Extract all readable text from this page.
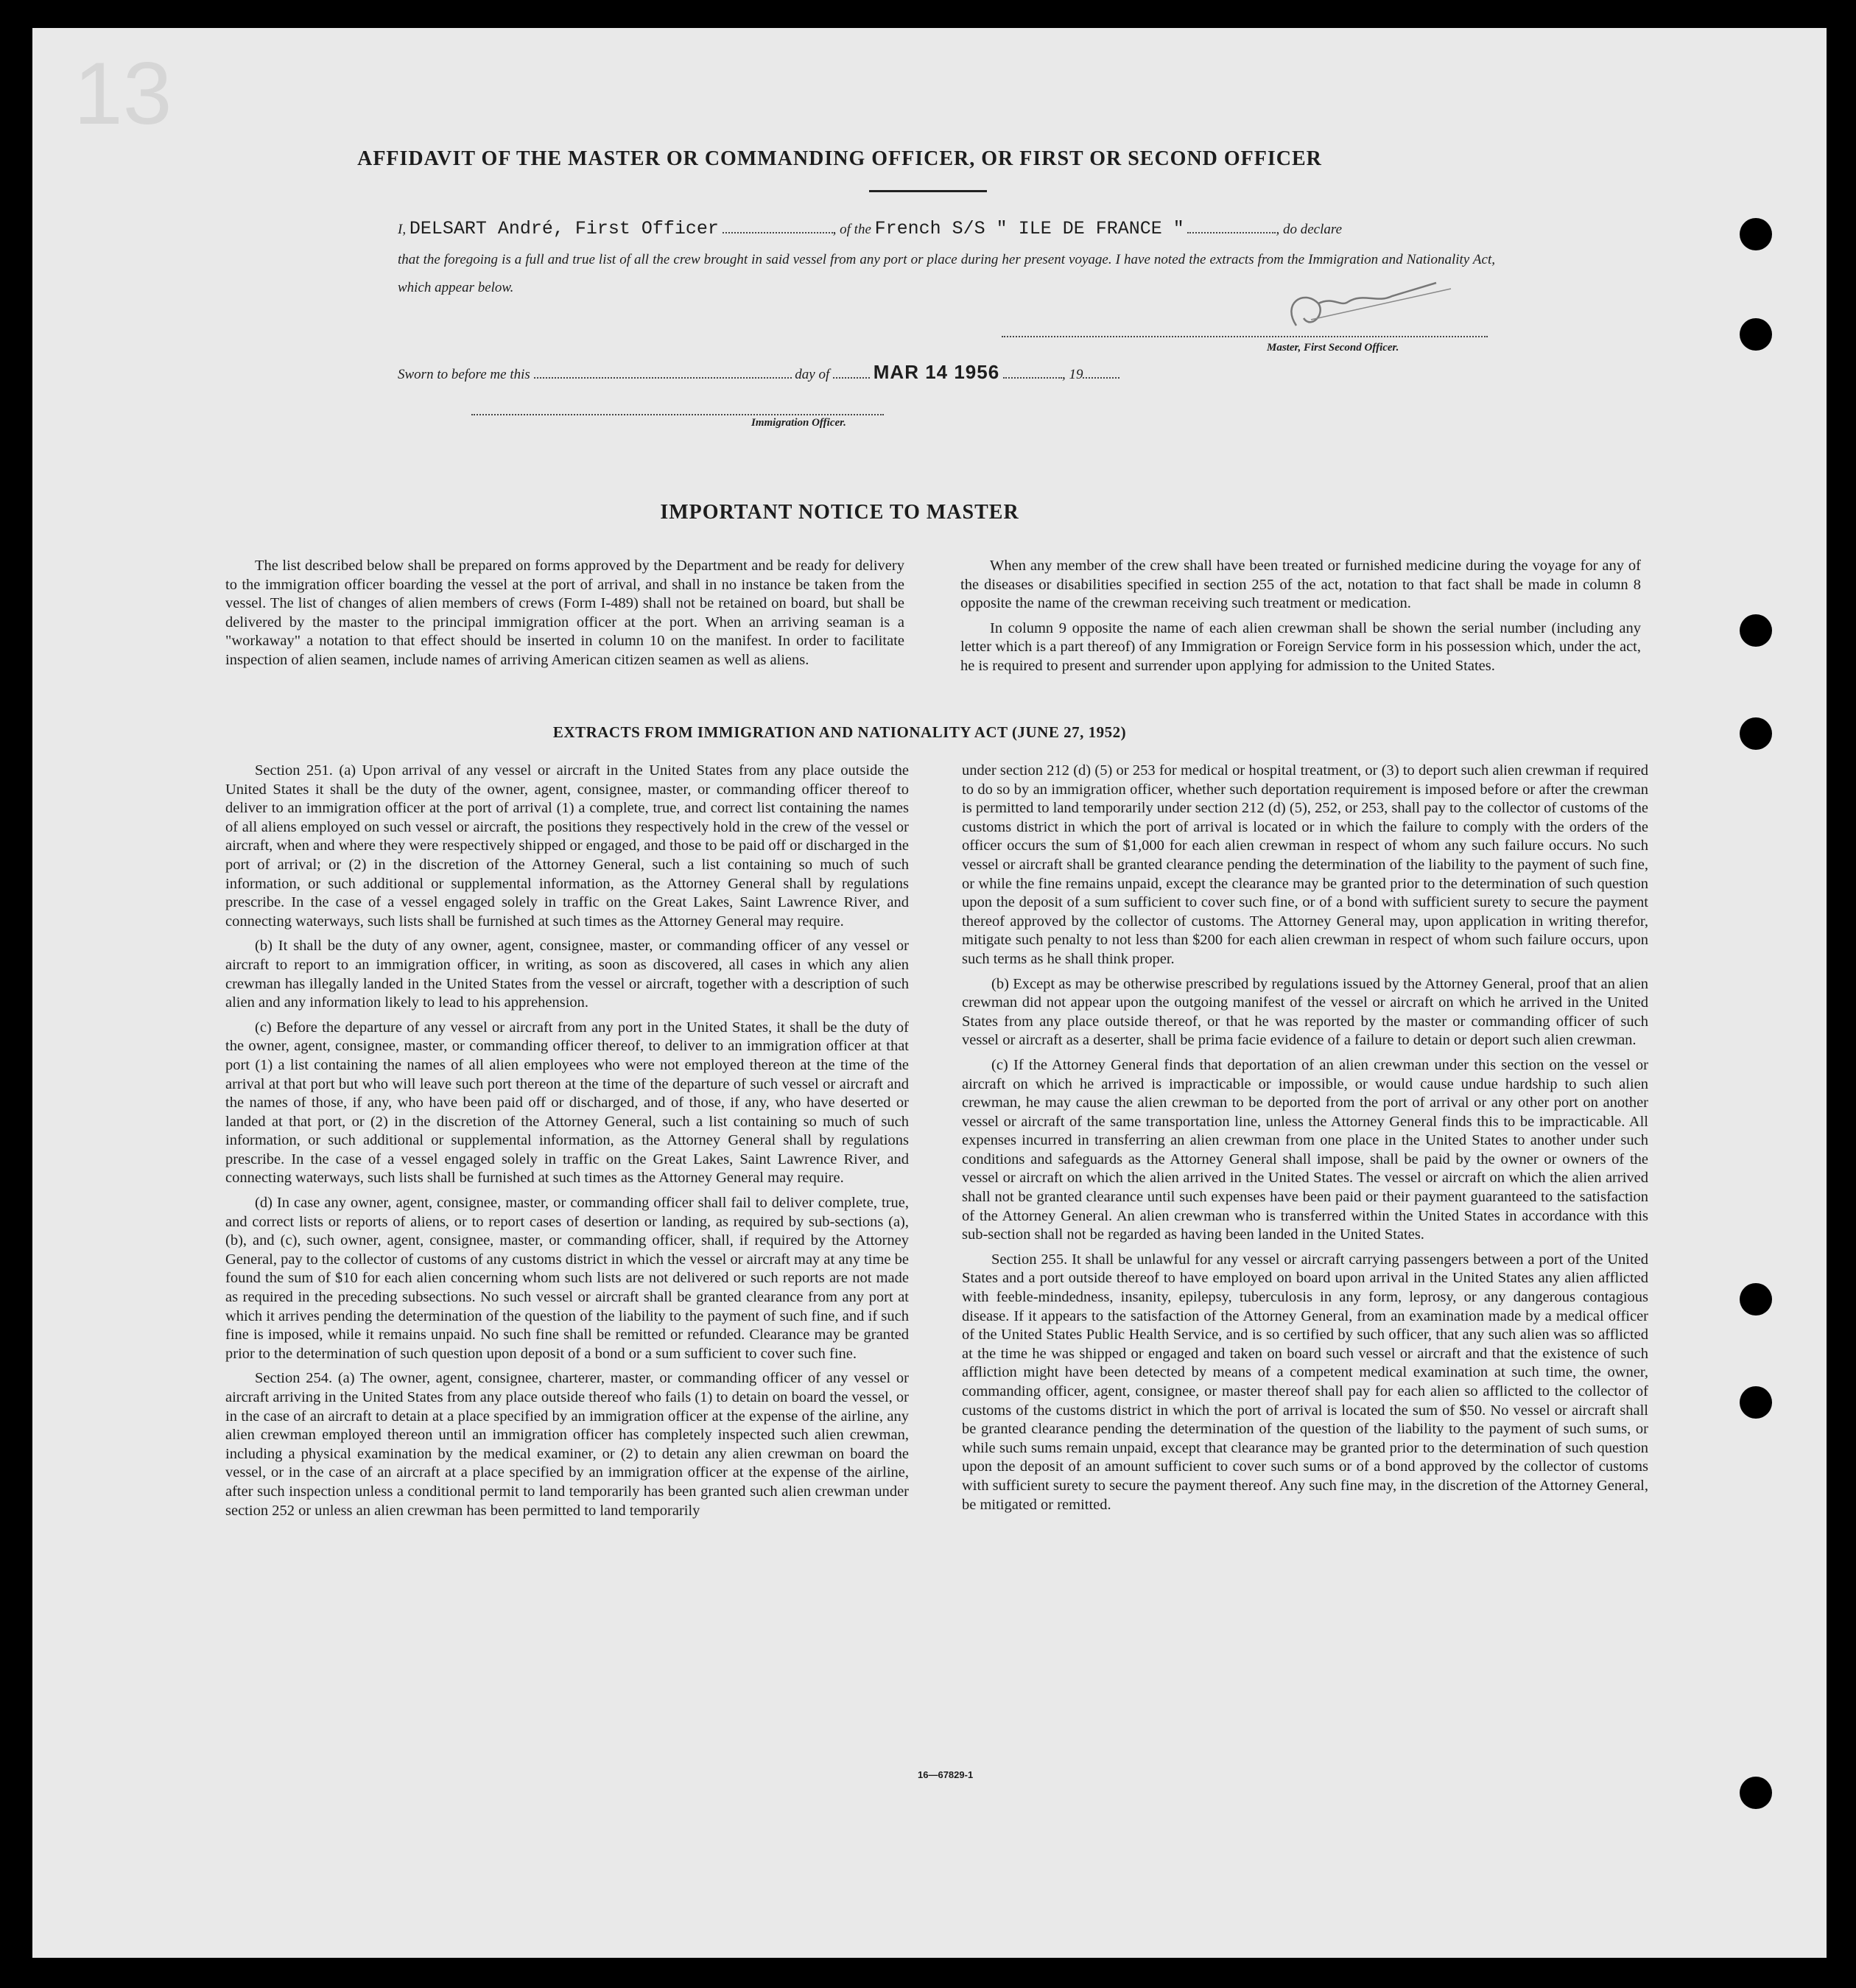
13
AFFIDAVIT OF THE MASTER OR COMMANDING OFFICER, OR FIRST OR SECOND OFFICER
I, DELSART André, First Officer	, of the French S/S " ILE DE FRANCE "	, do declare
that the foregoing is a full and true list of all the crew brought in said vessel from any port or place during her present voyage. I have noted the extracts from the Immigration and Nationality Act, which appear below.
Master, First Second Officer.
Sworn to before me this	day of MAR 14 1956	, 19
Immigration Officer.
IMPORTANT NOTICE TO MASTER

The list described below shall be prepared on forms approved by the Department and be ready for delivery to the immigration officer boarding the vessel at the port of arrival, and shall in no instance be taken from the vessel. The list of changes of alien members of crews (Form I-489) shall not be retained on board, but shall be delivered by the master to the principal immigration officer at the port. When an arriving seaman is a "workaway" a notation to that effect should be inserted in column 10 on the manifest. In order to facilitate inspection of alien seamen, include names of arriving American citizen seamen as well as aliens.

When any member of the crew shall have been treated or furnished medicine during the voyage for any of the diseases or disabilities specified in section 255 of the act, notation to that fact shall be made in column 8 opposite the name of the crewman receiving such treatment or medication.

In column 9 opposite the name of each alien crewman shall be shown the serial number (including any letter which is a part thereof) of any Immigration or Foreign Service form in his possession which, under the act, he is required to present and surrender upon applying for admission to the United States.

EXTRACTS FROM IMMIGRATION AND NATIONALITY ACT (JUNE 27, 1952)

Section 251. (a) Upon arrival of any vessel or aircraft in the United States from any place outside the United States it shall be the duty of the owner, agent, consignee, master, or commanding officer thereof to deliver to an immigration officer at the port of arrival (1) a complete, true, and correct list containing the names of all aliens employed on such vessel or aircraft, the positions they respectively hold in the crew of the vessel or aircraft, when and where they were respectively shipped or engaged, and those to be paid off or discharged in the port of arrival; or (2) in the discretion of the Attorney General, such a list containing so much of such information, or such additional or supplemental information, as the Attorney General shall by regulations prescribe. In the case of a vessel engaged solely in traffic on the Great Lakes, Saint Lawrence River, and connecting waterways, such lists shall be furnished at such times as the Attorney General may require.

(b) It shall be the duty of any owner, agent, consignee, master, or commanding officer of any vessel or aircraft to report to an immigration officer, in writing, as soon as discovered, all cases in which any alien crewman has illegally landed in the United States from the vessel or aircraft, together with a description of such alien and any information likely to lead to his apprehension.

(c) Before the departure of any vessel or aircraft from any port in the United States, it shall be the duty of the owner, agent, consignee, master, or commanding officer thereof, to deliver to an immigration officer at that port (1) a list containing the names of all alien employees who were not employed thereon at the time of the arrival at that port but who will leave such port thereon at the time of the departure of such vessel or aircraft and the names of those, if any, who have been paid off or discharged, and of those, if any, who have deserted or landed at that port, or (2) in the discretion of the Attorney General, such a list containing so much of such information, or such additional or supplemental information, as the Attorney General shall by regulations prescribe. In the case of a vessel engaged solely in traffic on the Great Lakes, Saint Lawrence River, and connecting waterways, such lists shall be furnished at such times as the Attorney General may require.

(d) In case any owner, agent, consignee, master, or commanding officer shall fail to deliver complete, true, and correct lists or reports of aliens, or to report cases of desertion or landing, as required by sub-sections (a), (b), and (c), such owner, agent, consignee, master, or commanding officer, shall, if required by the Attorney General, pay to the collector of customs of any customs district in which the vessel or aircraft may at any time be found the sum of $10 for each alien concerning whom such lists are not delivered or such reports are not made as required in the preceding subsections. No such vessel or aircraft shall be granted clearance from any port at which it arrives pending the determination of the question of the liability to the payment of such fine, and if such fine is imposed, while it remains unpaid. No such fine shall be remitted or refunded. Clearance may be granted prior to the determination of such question upon deposit of a bond or a sum sufficient to cover such fine.

Section 254. (a) The owner, agent, consignee, charterer, master, or commanding officer of any vessel or aircraft arriving in the United States from any place outside thereof who fails (1) to detain on board the vessel, or in the case of an aircraft to detain at a place specified by an immigration officer at the expense of the airline, any alien crewman employed thereon until an immigration officer has completely inspected such alien crewman, including a physical examination by the medical examiner, or (2) to detain any alien crewman on board the vessel, or in the case of an aircraft at a place specified by an immigration officer at the expense of the airline, after such inspection unless a conditional permit to land temporarily has been granted such alien crewman under section 252 or unless an alien crewman has been permitted to land temporarily

under section 212 (d) (5) or 253 for medical or hospital treatment, or (3) to deport such alien crewman if required to do so by an immigration officer, whether such deportation requirement is imposed before or after the crewman is permitted to land temporarily under section 212 (d) (5), 252, or 253, shall pay to the collector of customs of the customs district in which the port of arrival is located or in which the failure to comply with the orders of the officer occurs the sum of $1,000 for each alien crewman in respect of whom any such failure occurs. No such vessel or aircraft shall be granted clearance pending the determination of the liability to the payment of such fine, or while the fine remains unpaid, except the clearance may be granted prior to the determination of such question upon the deposit of a sum sufficient to cover such fine, or of a bond with sufficient surety to secure the payment thereof approved by the collector of customs. The Attorney General may, upon application in writing therefor, mitigate such penalty to not less than $200 for each alien crewman in respect of whom such failure occurs, upon such terms as he shall think proper.

(b) Except as may be otherwise prescribed by regulations issued by the Attorney General, proof that an alien crewman did not appear upon the outgoing manifest of the vessel or aircraft on which he arrived in the United States from any place outside thereof, or that he was reported by the master or commanding officer of such vessel or aircraft as a deserter, shall be prima facie evidence of a failure to detain or deport such alien crewman.

(c) If the Attorney General finds that deportation of an alien crewman under this section on the vessel or aircraft on which he arrived is impracticable or impossible, or would cause undue hardship to such alien crewman, he may cause the alien crewman to be deported from the port of arrival or any other port on another vessel or aircraft of the same transportation line, unless the Attorney General finds this to be impracticable. All expenses incurred in transferring an alien crewman from one place in the United States to another under such conditions and safeguards as the Attorney General shall impose, shall be paid by the owner or owners of the vessel or aircraft on which the alien arrived in the United States. The vessel or aircraft on which the alien arrived shall not be granted clearance until such expenses have been paid or their payment guaranteed to the satisfaction of the Attorney General. An alien crewman who is transferred within the United States in accordance with this sub-section shall not be regarded as having been landed in the United States.

Section 255. It shall be unlawful for any vessel or aircraft carrying passengers between a port of the United States and a port outside thereof to have employed on board upon arrival in the United States any alien afflicted with feeble-mindedness, insanity, epilepsy, tuberculosis in any form, leprosy, or any dangerous contagious disease. If it appears to the satisfaction of the Attorney General, from an examination made by a medical officer of the United States Public Health Service, and is so certified by such officer, that any such alien was so afflicted at the time he was shipped or engaged and taken on board such vessel or aircraft and that the existence of such affliction might have been detected by means of a competent medical examination at such time, the owner, commanding officer, agent, consignee, or master thereof shall pay for each alien so afflicted to the collector of customs of the customs district in which the port of arrival is located the sum of $50. No vessel or aircraft shall be granted clearance pending the determination of the question of the liability to the payment of such sums, or while such sums remain unpaid, except that clearance may be granted prior to the determination of such question upon the deposit of an amount sufficient to cover such sums or of a bond approved by the collector of customs with sufficient surety to secure the payment thereof. Any such fine may, in the discretion of the Attorney General, be mitigated or remitted.

16—67829-1
